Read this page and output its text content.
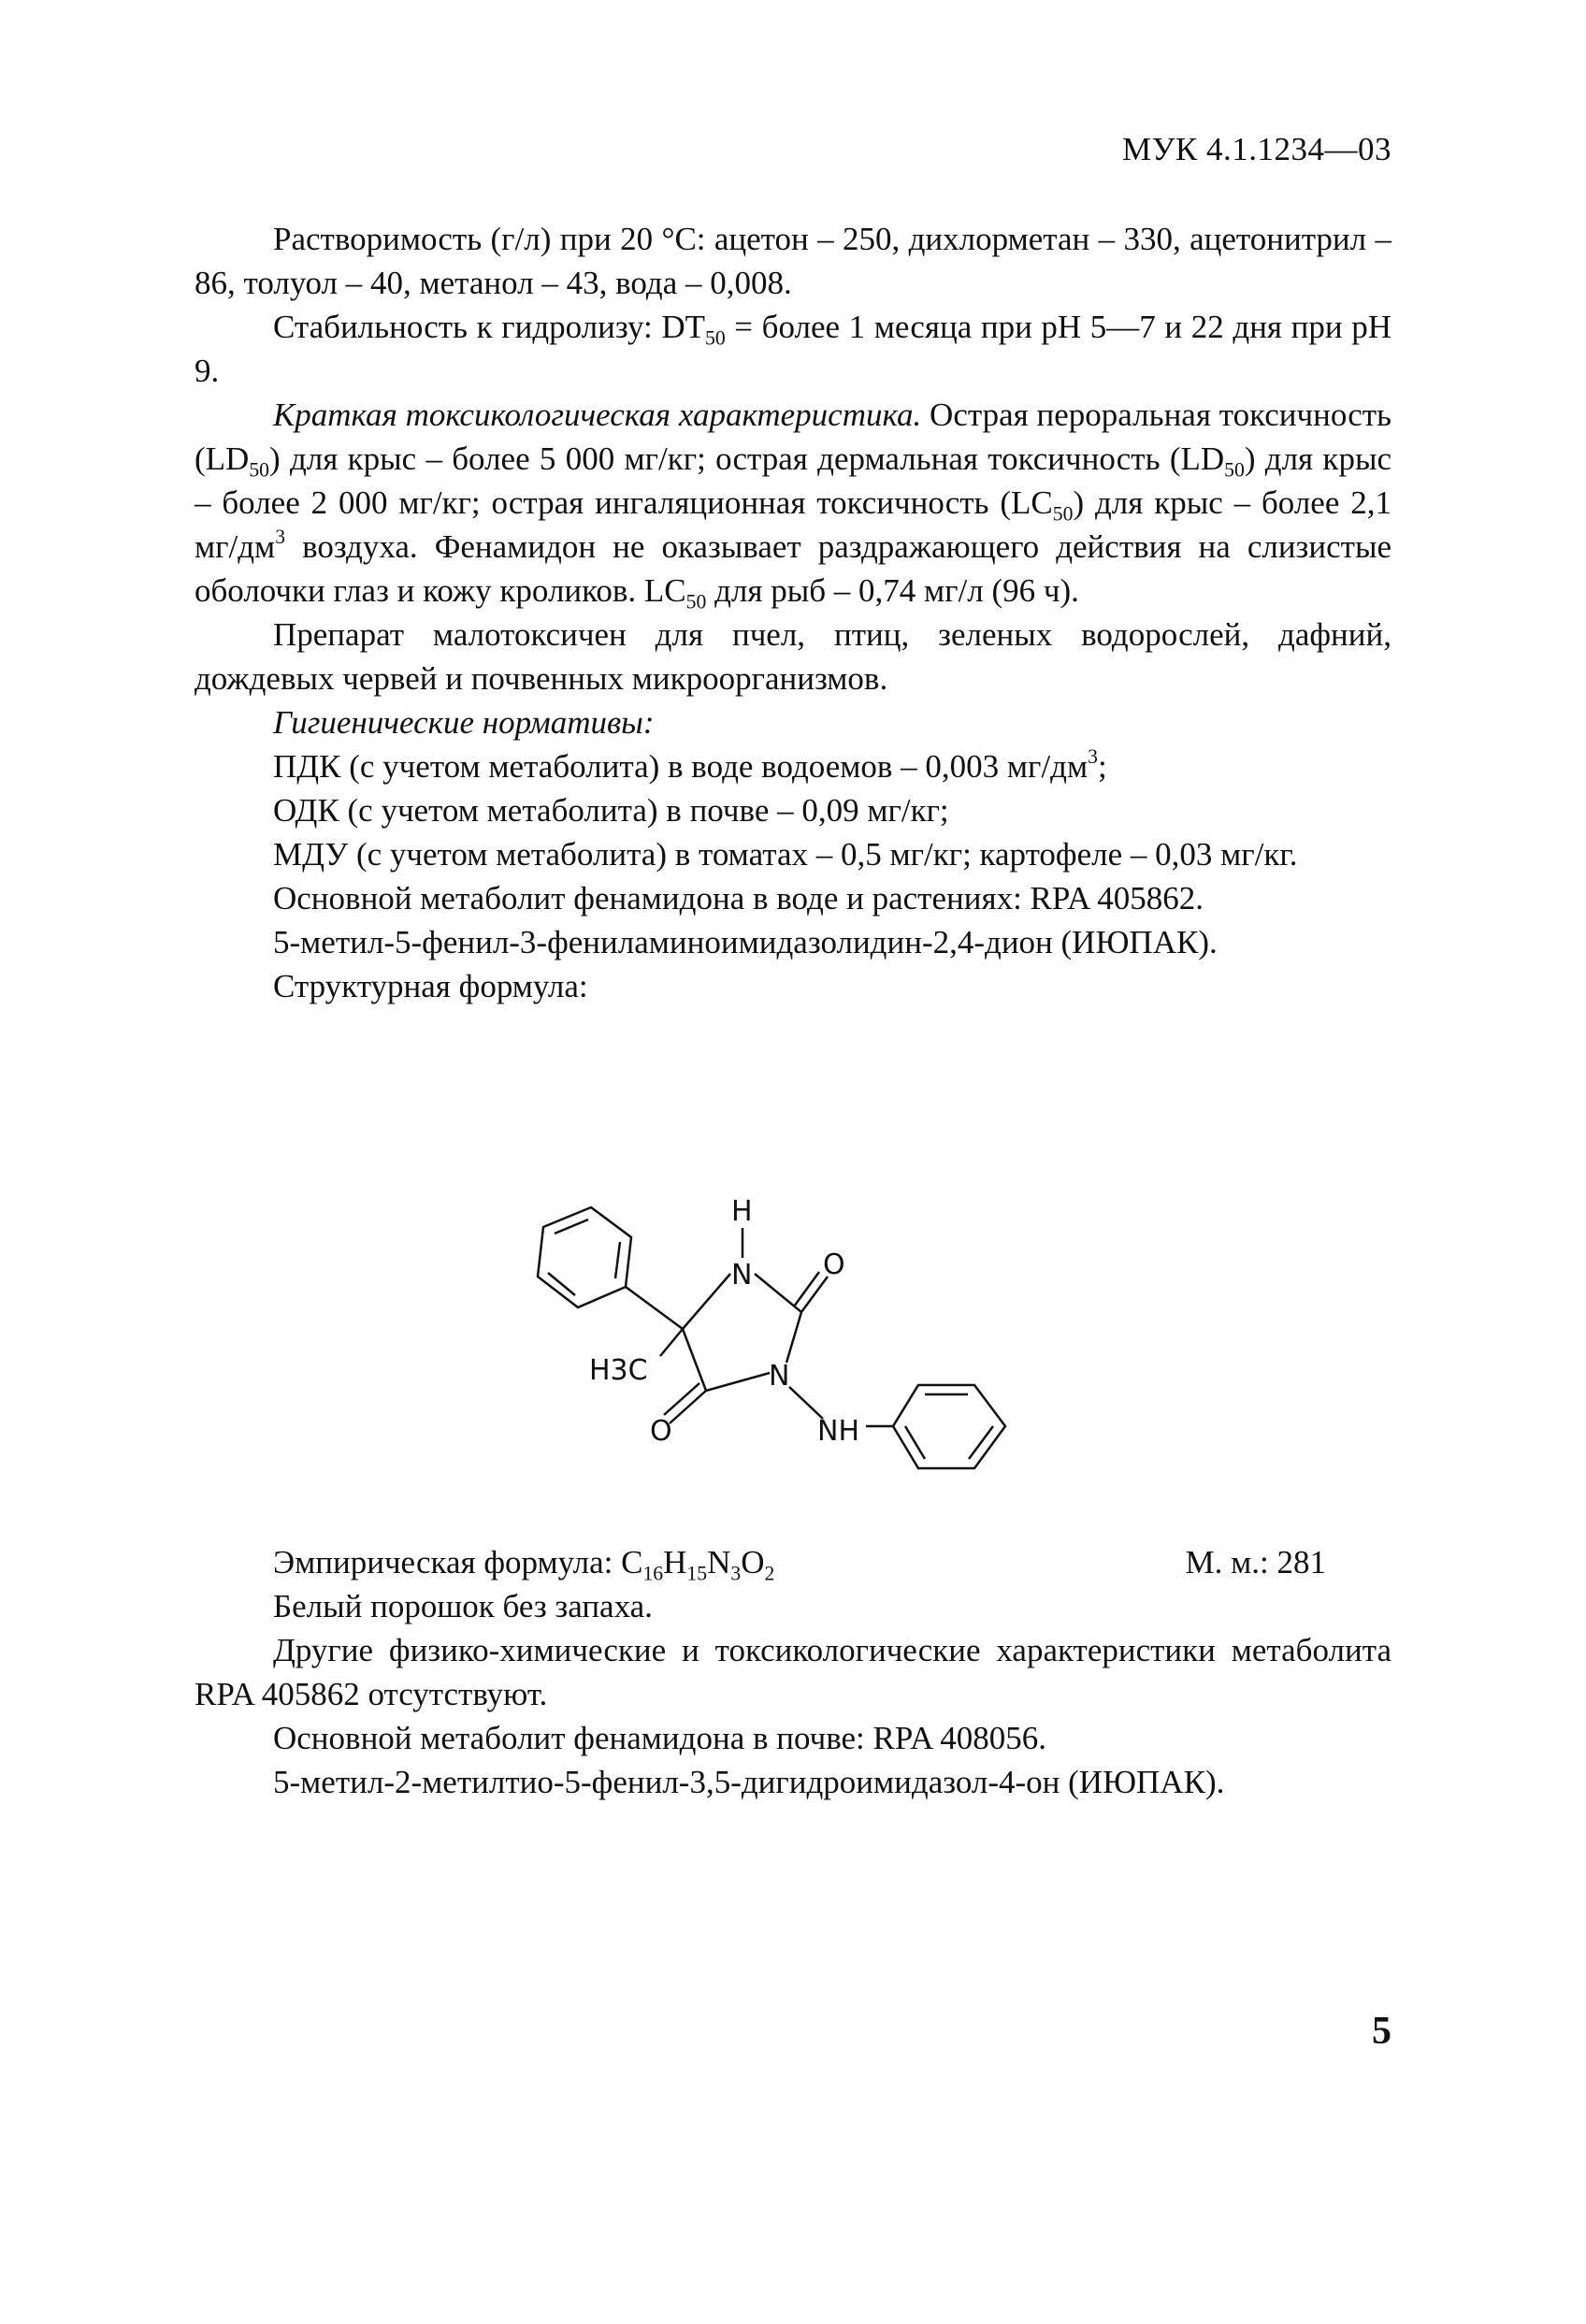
МУК 4.1.1234—03

Растворимость (г/л) при 20 °С: ацетон – 250, дихлорметан – 330, ацетонитрил – 86, толуол – 40, метанол – 43, вода – 0,008.

Стабильность к гидролизу: $DT_{50}$ = более 1 месяца при pH 5—7 и 22 дня при pH 9.

Краткая токсикологическая характеристика. Острая пероральная токсичность $(LD_{50})$ для крыс – более 5 000 мг/кг; острая дермальная токсичность $(LD_{50})$ для крыс – более 2 000 мг/кг; острая ингаляционная токсичность $(LC_{50})$ для крыс – более 2,1 $мг/дм^3$ воздуха. Фенамидон не оказывает раздражающего действия на слизистые оболочки глаз и кожу кроликов. $LC_{50}$ для рыб – 0,74 мг/л (96 ч).

Препарат малотоксичен для пчел, птиц, зеленых водорослей, дафний, дождевых червей и почвенных микроорганизмов.

Гигиенические нормативы:

ПДК (с учетом метаболита) в воде водоемов – 0,003 $мг/дм^3$;

ОДК (с учетом метаболита) в почве – 0,09 мг/кг;

МДУ (с учетом метаболита) в томатах – 0,5 мг/кг; картофеле – 0,03 мг/кг.

Основной метаболит фенамидона в воде и растениях: RPA 405862.

5-метил-5-фенил-3-фениламиноимидазолидин-2,4-дион (ИЮПАК).

Структурная формула:

H
N	O
H3C	N
O	NH
Эмпирическая формула: $C_{16}H_{15}N_3O_2$	М. м.: 281

Белый порошок без запаха.

Другие физико-химические и токсикологические характеристики метаболита RPA 405862 отсутствуют.

Основной метаболит фенамидона в почве: RPA 408056.

5-метил-2-метилтио-5-фенил-3,5-дигидроимидазол-4-он (ИЮПАК).

5
